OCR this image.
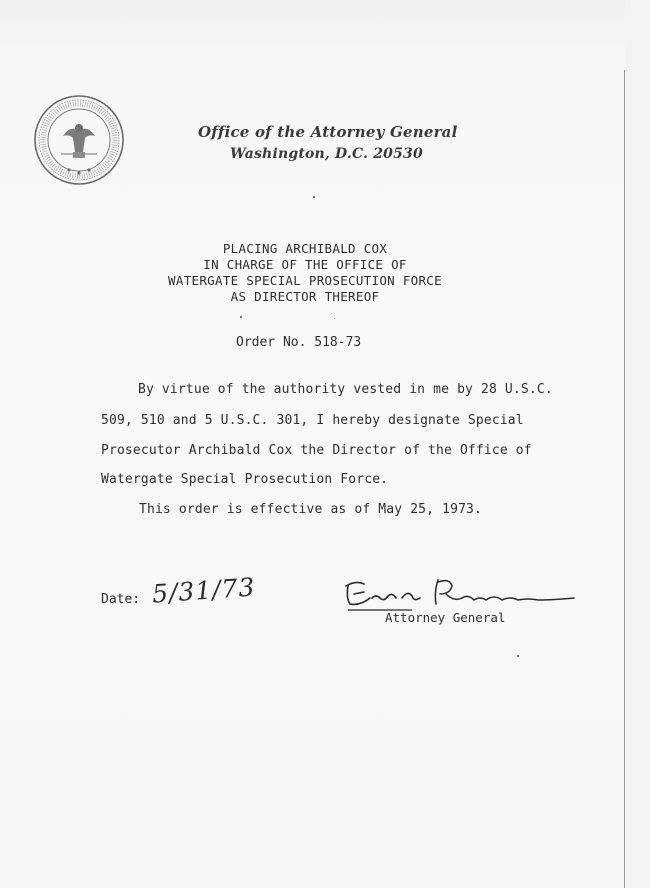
Office of the Attorney General
Washington, D.C. 20530
PLACING ARCHIBALD COX
IN CHARGE OF THE OFFICE OF
WATERGATE SPECIAL PROSECUTION FORCE
AS DIRECTOR THEREOF
Order No. 518-73
By virtue of the authority vested in me by 28 U.S.C.
509, 510 and 5 U.S.C. 301, I hereby designate Special
Prosecutor Archibald Cox the Director of the Office of
Watergate Special Prosecution Force.
This order is effective as of May 25, 1973.
Date: 5/31/73
Attorney General
